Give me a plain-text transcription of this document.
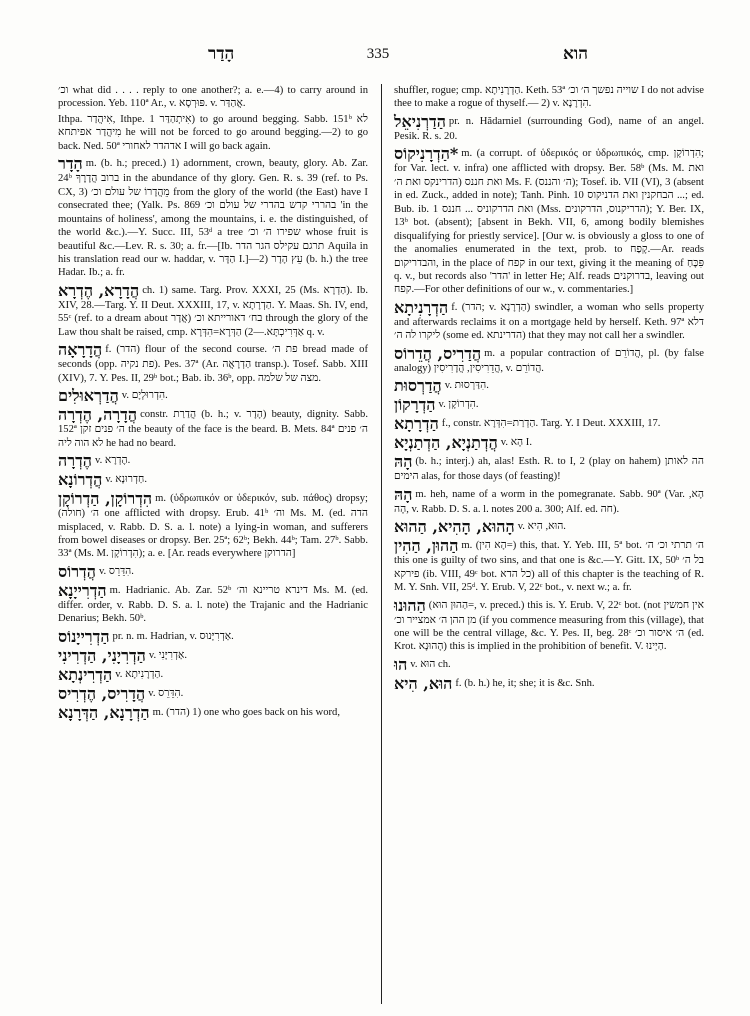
הָדַר	335	הוא
וכ׳ what did . . . . reply to one another?; a. e.—4) to carry around in procession. Yeb. 110ª Ar., v. פּוּרְסָא. v. אֲהַדַּר.
Ithpa. אִיהֲדַר, Ithpe. אִיתְהַדַּר 1) to go around begging. Sabb. 151ᵇ לא מִיהֲדַר אפיתחא he will not be forced to go around begging.—2) to go back. Ned. 50ª אדהדר לאחורי I will go back again.
הָדָר m. (b. h.; preced.) 1) adornment, crown, beauty, glory. Ab. Zar. 24ᵇ ברוב הֲדָרֶךָ in the abundance of thy glory. Gen. R. s. 39 (ref. to Ps. CX, 3) מֵהֲדָרוֹ של עולם וכ׳ from the glory of the world (the East) have I consecrated thee; (Yalk. Ps. 869 בהררי קדש בהדרי של עולם וכ׳ 'in the mountains of holiness', among the mountains, i. e. the distinguished, of the world &c.).—Y. Succ. III, 53ᵈ a tree שפירו ה׳ וכ׳ whose fruit is beautiful &c.—Lev. R. s. 30; a. fr.—[Ib. תרגם עקילס הגר הדר Aquila in his translation read our w. haddar, v. הַדָּר I.]—2) עֵץ הָדָר (b. h.) the tree Hadar. Ib.; a. fr.
הֲדָרָא, הֶדְרָא ch. 1) same. Targ. Prov. XXXI, 25 (Ms. הַדְרָא). Ib. XIV, 28.—Targ. Y. II Deut. XXXIII, 17, v. הַדְרָתָא. Y. Maas. Sh. IV, end, 55ᶜ (ref. to a dream about אֲדָר) בח׳ דאורייתא וכ׳ through the glory of the Law thou shalt be raised, cmp. אַדְּרִיכְתָּא.—2) הַדְּרָא=הִדְּרָא q. v.
הֲדָרָאָה f. (הדר) flour of the second course. פת ה׳ bread made of seconds (opp. פת נקיה). Pes. 37ª (Ar. הַדְרָאֲה transp.). Tosef. Sabb. XIII (XIV), 7. Y. Pes. II, 29ᵇ bot.; Bab. ib. 36ᵇ, opp. מצה של שלמה.
הֲדַרְאוּלִים v. הִדְרוּלְיָם.
הֲדָרָה, הֶדְרָה constr. הֲדַרַת (b. h.; v. הָדָר) beauty, dignity. Sabb. 152ª ה׳ פנים זקן the beauty of the face is the beard. B. Mets. 84ª ה׳ פנים לא הוה ליה he had no beard.
הֶדְרָה v. הֶדְרָא.
הֲדְרוֹנָא v. חַדְרוּנָא.
הִדְרוֹקָן, הַדְרוֹקָן m. (ὑδρωπικόν or ὑδερικόν, sub. πάθος) dropsy; (ה׳ (חולה one afflicted with dropsy. Erub. 41ᵇ וה׳ Ms. M. (ed. הדה misplaced, v. Rabb. D. S. a. l. note) a lying-in woman, and sufferers from bowel diseases or dropsy. Ber. 25ª; 62ᵇ; Bekh. 44ᵇ; Tam. 27ᵇ. Sabb. 33ª (Ms. M. הִדְרוֹקָן); a. e. [Ar. reads everywhere הדרוקן]
הֲדְרוֹס v. הִדֵּרֵס.
הַדְרִייָנָא m. Hadrianic. Ab. Zar. 52ᵇ דינרא טריינא וה׳ Ms. M. (ed. differ. order, v. Rabb. D. S. a. l. note) the Trajanic and the Hadrianic Denarius; Bekh. 50ᵇ.
הַדְרִייָנוֹס pr. n. m. Hadrian, v. אַדְרִיָּנוּס.
הַדְרִיָנִי, הַדְרִינִי v. אַדְרִיָּנִי.
הַדְרִינְתָא v. הַדְרָנִיתָא.
הֲדָרִיס, הֶדְרִיס v. הִדֵּרֵס.
הַדְרָנָא, הַדְּרָנָא m. (הדר) 1) one who goes back on his word,
shuffler, rogue; cmp. הַדְרָנִיתָא. Keth. 53ª שוייה נפשך ה׳ וכ׳ I do not advise thee to make a rogue of thyself.— 2) v. הִדְרָנָא.
הַדַרְנִיאֵל pr. n. Hădarniel (surrounding God), name of an angel. Pesik. R. s. 20.
*הַדְרָנִיקוֹס m. (a corrupt. of ὑδερικός or ὑδρωπικός, cmp. הִדְרוֹקָן; for Var. lect. v. infra) one afflicted with dropsy. Ber. 58ᵇ (Ms. M. ואת הדרינקס ואת ה׳) ואת חננס Ms. F. (ה׳ והננס); Tosef. ib. VII (VI), 3 (absent in ed. Zuck., added in note); Tanh. Pinh. 10 הבחקנין ואת הדניקוס ...; ed. Bub. ib. 1 ואת הדרקוניס ... חננס (Mss. הדריקנוס, הדרקונים); Y. Ber. IX, 13ᵇ bot. (absent); [absent in Bekh. VII, 6, among bodily blemishes disqualifying for priestly service]. [Our w. is obviously a gloss to one of the anomalies enumerated in the text, prob. to קָפַח.—Ar. reads והבדריקום, in the place of קפח in our text, giving it the meaning of פִּכָּחַ q. v., but records also 'הדר' in letter He; Alf. reads בדרוקנים, leaving out קפח.—For other definitions of our w., v. commentaries.]
הַדְרָנִיתָא f. (הדר; v. הַדְרָנָא) swindler, a woman who sells property and afterwards reclaims it on a mortgage held by herself. Keth. 97ª דלא ליקרו לה ה׳ (some ed. הדרינתא) that they may not call her a swindler.
הֲדַרִיס, הֲדֵרוֹס m. a popular contraction of הֲדוֹרֵם, pl. (by false analogy) הֲדֵרִיסִין, הֲדָרִיסִין, v. הֲדוֹרֵם.
הֲדַרְסוּת v. הִדַּרְסוּת.
הַדְרָקוֹן v. הִדְרוֹקָן.
הַדְרָתָא f., constr. הַדְרַת=הִדְּרָא. Targ. Y. I Deut. XXXIII, 17.
הֲדְתַנְיָא, הַדְתַנְיָא v. הָא I.
הָהּ (b. h.; interj.) ah, alas! Esth. R. to I, 2 (play on hahem) הה לאותן הימים alas, for those days (of feasting)!
הָהּ m. heh, name of a worm in the pomegranate. Sabb. 90ª (Var. הָא, הָה, v. Rabb. D. S. a. l. notes 200 a. 300; Alf. ed. חה).
הָהוּא, הָהִיא, הַהוּא v. הוּא, הִיא.
הַהוּן, הַהִין m. (הָא הִין=) this, that. Y. Yeb. III, 5ª bot. ה׳ תרתי וכ׳ ה׳ this one is guilty of two sins, and that one is &c.—Y. Gitt. IX, 50ᵇ בל ה׳ פירקא (ib. VIII, 49ᶜ bot. כל הדא) all of this chapter is the teaching of R. M. Y. Snh. VII, 25ᵈ. Y. Erub. V, 22ᶜ bot., v. next w.; a. fr.
הַהוּנוּ (הַהוּן הוּא=, v. preced.) this is. Y. Erub. V, 22ᶜ bot. (not אין חמשין מן ההן ה׳ אמצייר וכ׳ (if you commence measuring from this (village), that one will be the central village, &c. Y. Pes. II, beg. 28ᶜ ה׳ איסור וכ׳ (ed. Krot. הָהוּנָא) this is implied in the prohibition of benefit. V. הַיְינוּ.
הוּ v. הוּא ch.
הוּא, הִיא f. (b. h.) he, it; she; it is &c. Snh.
